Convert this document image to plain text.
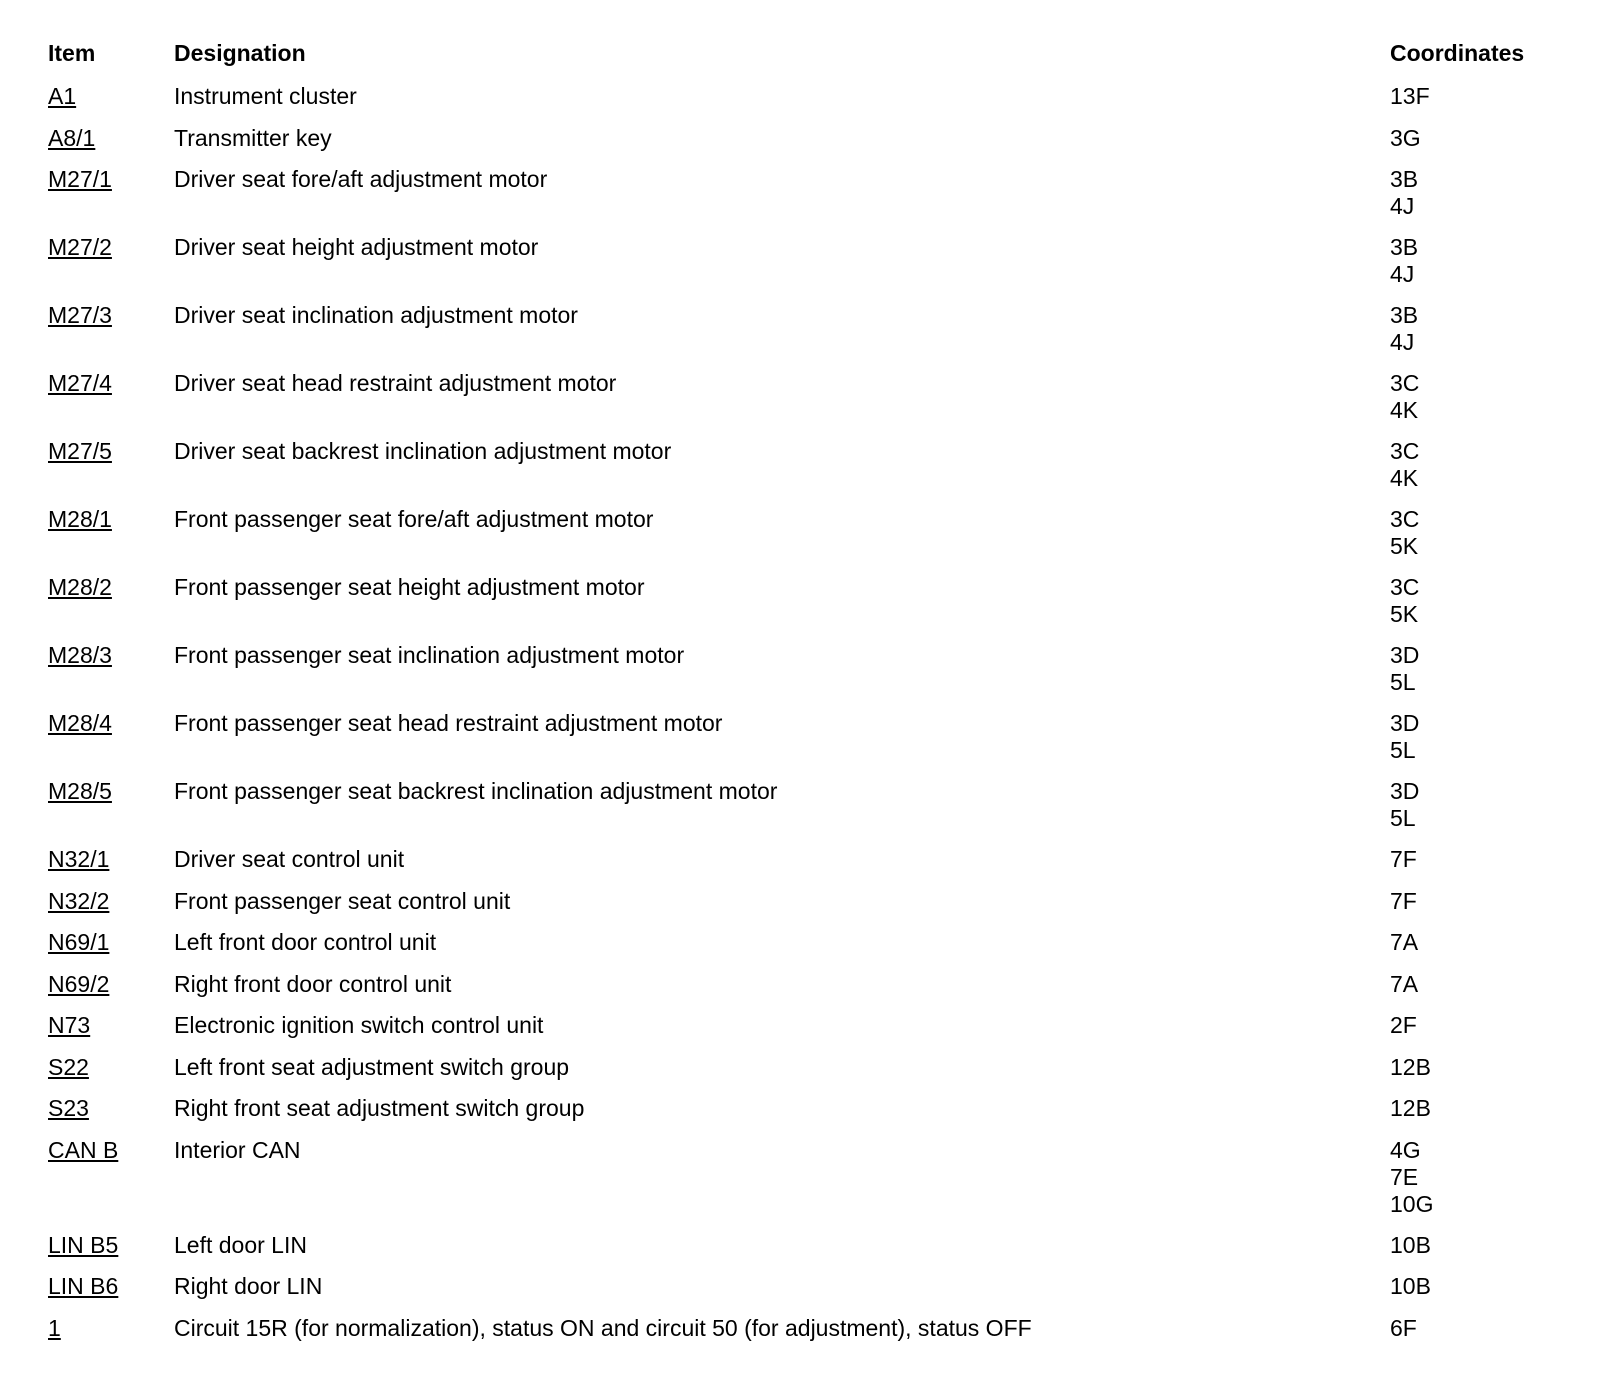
Item	Designation	Coordinates
A1	Instrument cluster	13F
A8/1	Transmitter key	3G
M27/1	Driver seat fore/aft adjustment motor	3B
4J
M27/2	Driver seat height adjustment motor	3B
4J
M27/3	Driver seat inclination adjustment motor	3B
4J
M27/4	Driver seat head restraint adjustment motor	3C
4K
M27/5	Driver seat backrest inclination adjustment motor	3C
4K
M28/1	Front passenger seat fore/aft adjustment motor	3C
5K
M28/2	Front passenger seat height adjustment motor	3C
5K
M28/3	Front passenger seat inclination adjustment motor	3D
5L
M28/4	Front passenger seat head restraint adjustment motor	3D
5L
M28/5	Front passenger seat backrest inclination adjustment motor	3D
5L
N32/1	Driver seat control unit	7F
N32/2	Front passenger seat control unit	7F
N69/1	Left front door control unit	7A
N69/2	Right front door control unit	7A
N73	Electronic ignition switch control unit	2F
S22	Left front seat adjustment switch group	12B
S23	Right front seat adjustment switch group	12B
CAN B	Interior CAN	4G
7E
10G
LIN B5	Left door LIN	10B
LIN B6	Right door LIN	10B
1	Circuit 15R (for normalization), status ON and circuit 50 (for adjustment), status OFF	6F
